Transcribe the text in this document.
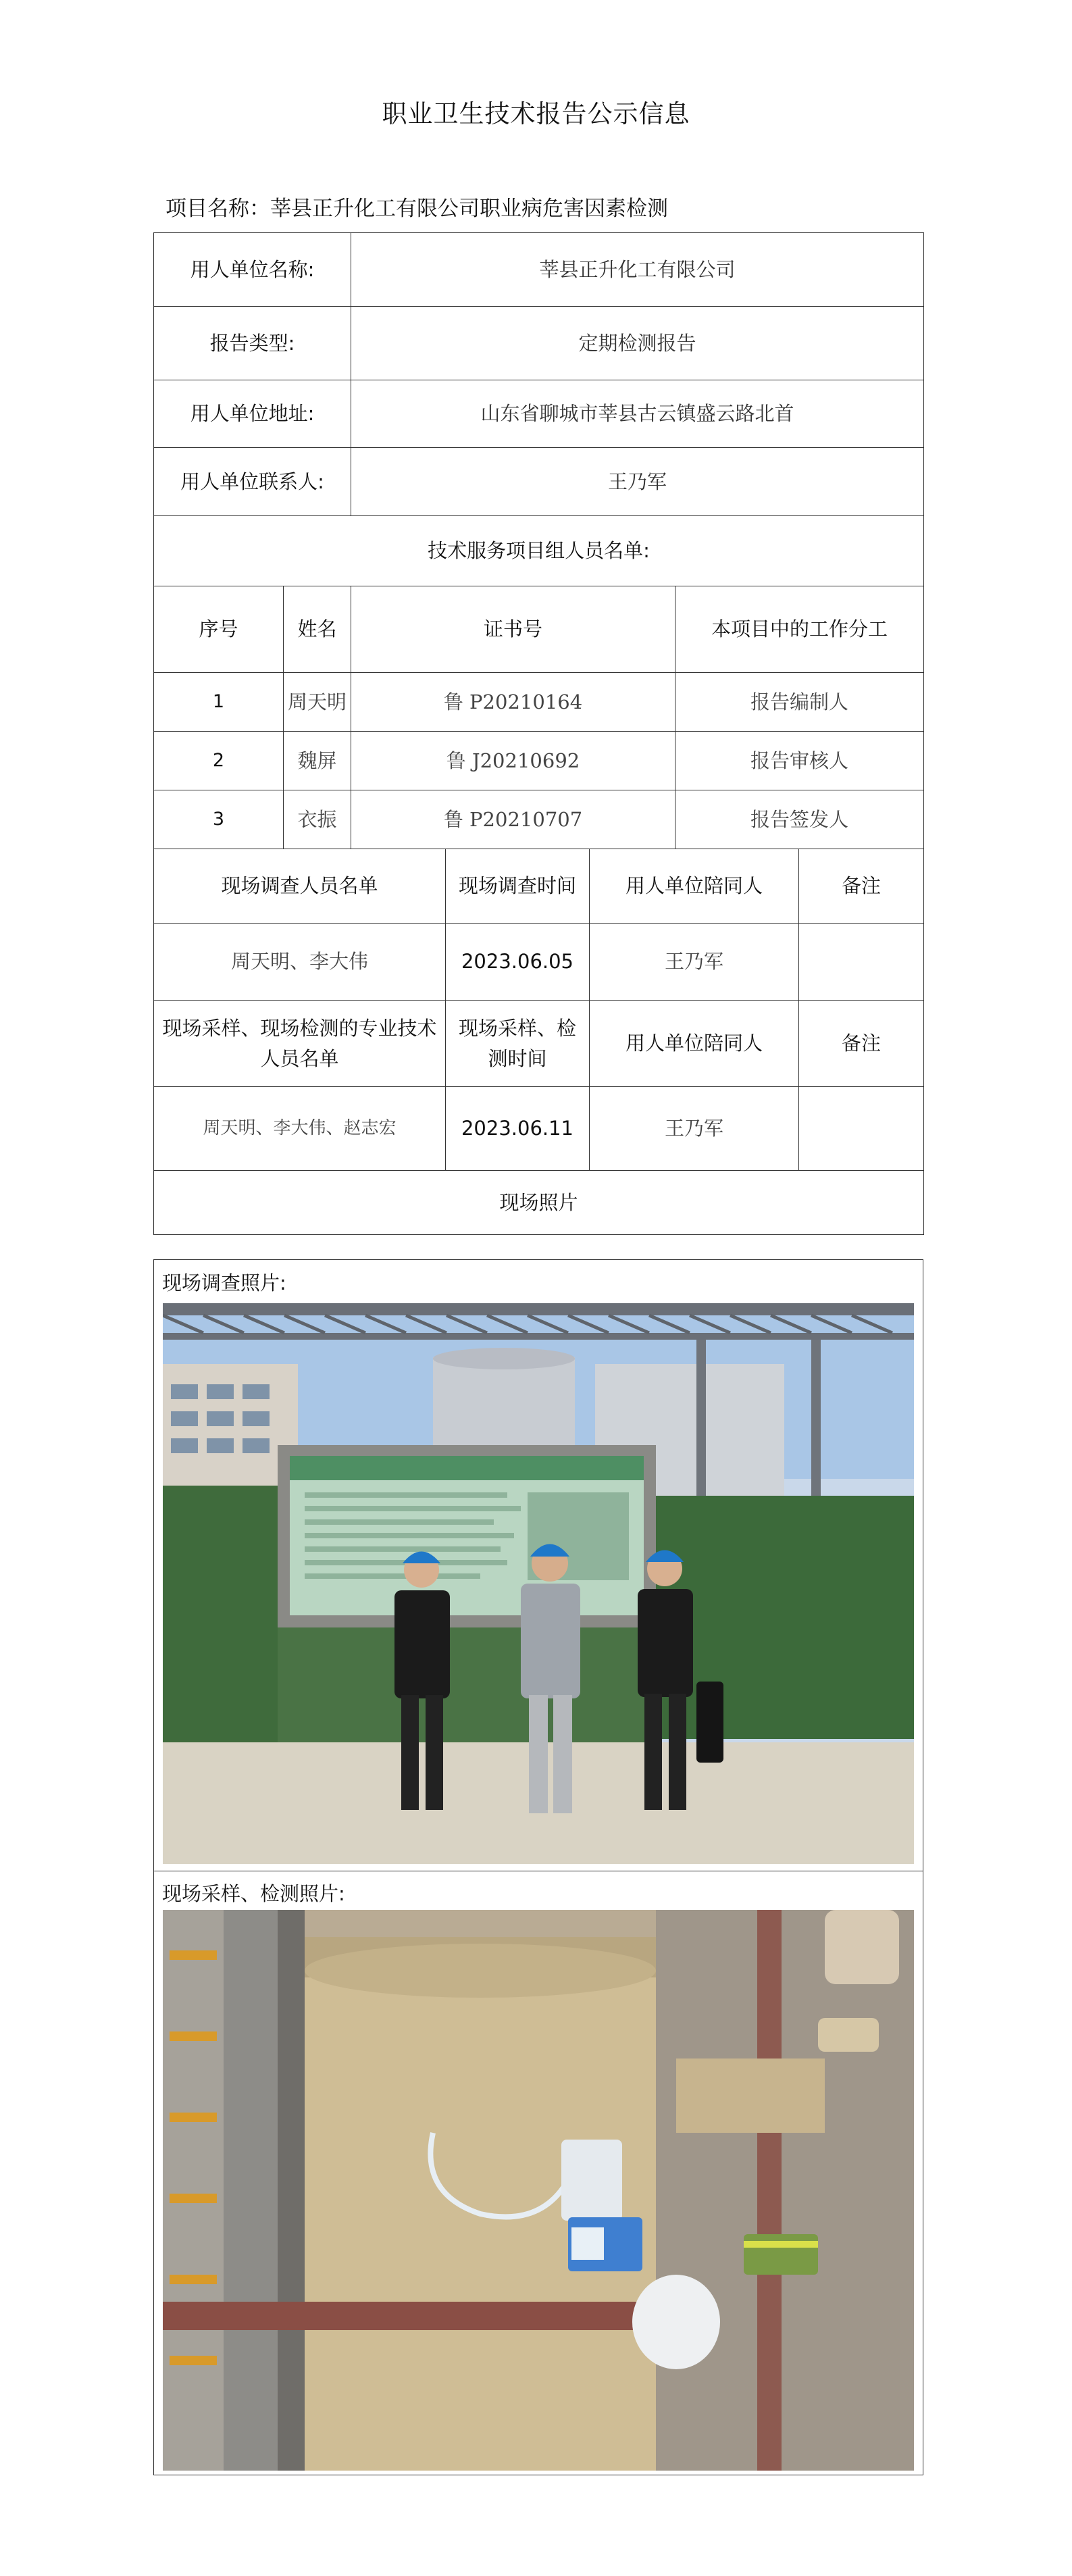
职业卫生技术报告公示信息
项目名称：莘县正升化工有限公司职业病危害因素检测
用人单位名称:		莘县正升化工有限公司				
报告类型:		定期检测报告				
用人单位地址:		山东省聊城市莘县古云镇盛云路北首				
用人单位联系人:		王乃军				
技术服务项目组人员名单:						
序号	姓名	证书号			本项目中的工作分工	
1	周天明	鲁 P20210164			报告编制人	
2	魏屏	鲁 J20210692			报告审核人	
3	衣振	鲁 P20210707			报告签发人	
现场调查人员名单			现场调查时间	用人单位陪同人		备注
周天明、李大伟			2023.06.05	王乃军		
现场采样、现场检测的专业技术人员名单			现场采样、检测时间	用人单位陪同人		备注
周天明、李大伟、赵志宏			2023.06.11	王乃军		
现场照片						
现场调查照片:
现场采样、检测照片:
